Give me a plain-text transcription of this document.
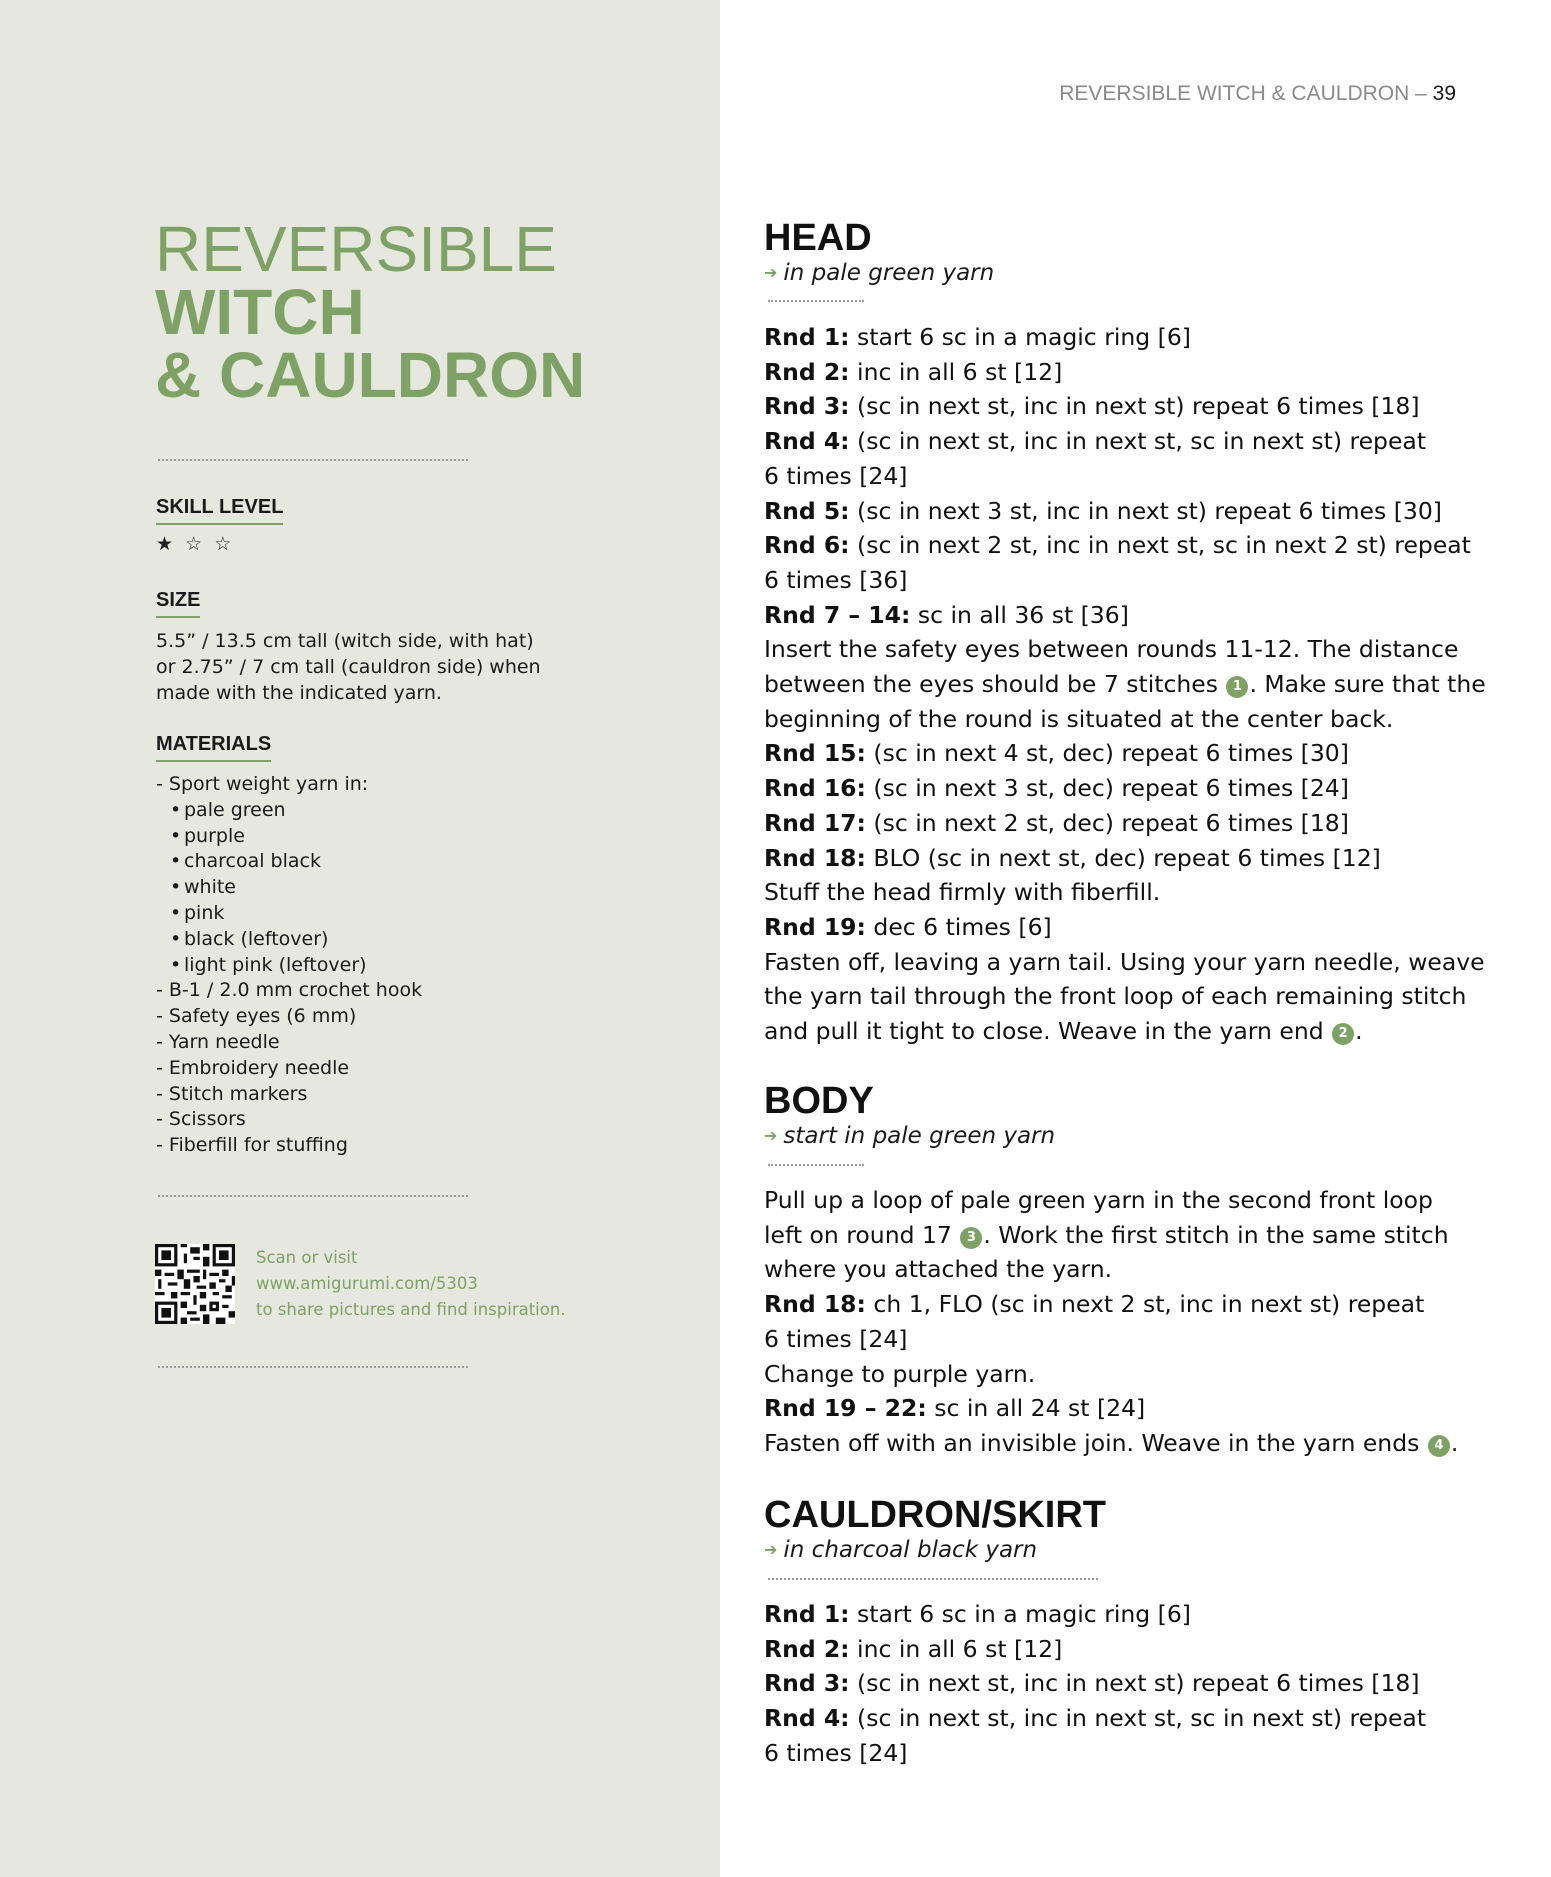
REVERSIBLE WITCH & CAULDRON – 39
REVERSIBLE
WITCH
& CAULDRON
SKILL LEVEL
★ ☆ ☆
SIZE
5.5” / 13.5 cm tall (witch side, with hat)
or 2.75” / 7 cm tall (cauldron side) when
made with the indicated yarn.
MATERIALS
- Sport weight yarn in:
• pale green
• purple
• charcoal black
• white
• pink
• black (leftover)
• light pink (leftover)
- B-1 / 2.0 mm crochet hook
- Safety eyes (6 mm)
- Yarn needle
- Embroidery needle
- Stitch markers
- Scissors
- Fiberfill for stuffing
Scan or visit
www.amigurumi.com/5303
to share pictures and find inspiration.
HEAD
➔ in pale green yarn

Rnd 1: start 6 sc in a magic ring [6]

Rnd 2: inc in all 6 st [12]

Rnd 3: (sc in next st, inc in next st) repeat 6 times [18]

Rnd 4: (sc in next st, inc in next st, sc in next st) repeat

6 times [24]

Rnd 5: (sc in next 3 st, inc in next st) repeat 6 times [30]

Rnd 6: (sc in next 2 st, inc in next st, sc in next 2 st) repeat

6 times [36]

Rnd 7 – 14: sc in all 36 st [36]

Insert the safety eyes between rounds 11-12. The distance

between the eyes should be 7 stitches 1 . Make sure that the

beginning of the round is situated at the center back.

Rnd 15: (sc in next 4 st, dec) repeat 6 times [30]

Rnd 16: (sc in next 3 st, dec) repeat 6 times [24]

Rnd 17: (sc in next 2 st, dec) repeat 6 times [18]

Rnd 18: BLO (sc in next st, dec) repeat 6 times [12]

Stuff the head firmly with fiberfill.

Rnd 19: dec 6 times [6]

Fasten off, leaving a yarn tail. Using your yarn needle, weave

the yarn tail through the front loop of each remaining stitch

and pull it tight to close. Weave in the yarn end 2 .

BODY
➔ start in pale green yarn

Pull up a loop of pale green yarn in the second front loop

left on round 17 3 . Work the first stitch in the same stitch

where you attached the yarn.

Rnd 18: ch 1, FLO (sc in next 2 st, inc in next st) repeat

6 times [24]

Change to purple yarn.

Rnd 19 – 22: sc in all 24 st [24]

Fasten off with an invisible join. Weave in the yarn ends 4 .

CAULDRON/SKIRT
➔ in charcoal black yarn

Rnd 1: start 6 sc in a magic ring [6]

Rnd 2: inc in all 6 st [12]

Rnd 3: (sc in next st, inc in next st) repeat 6 times [18]

Rnd 4: (sc in next st, inc in next st, sc in next st) repeat

6 times [24]
